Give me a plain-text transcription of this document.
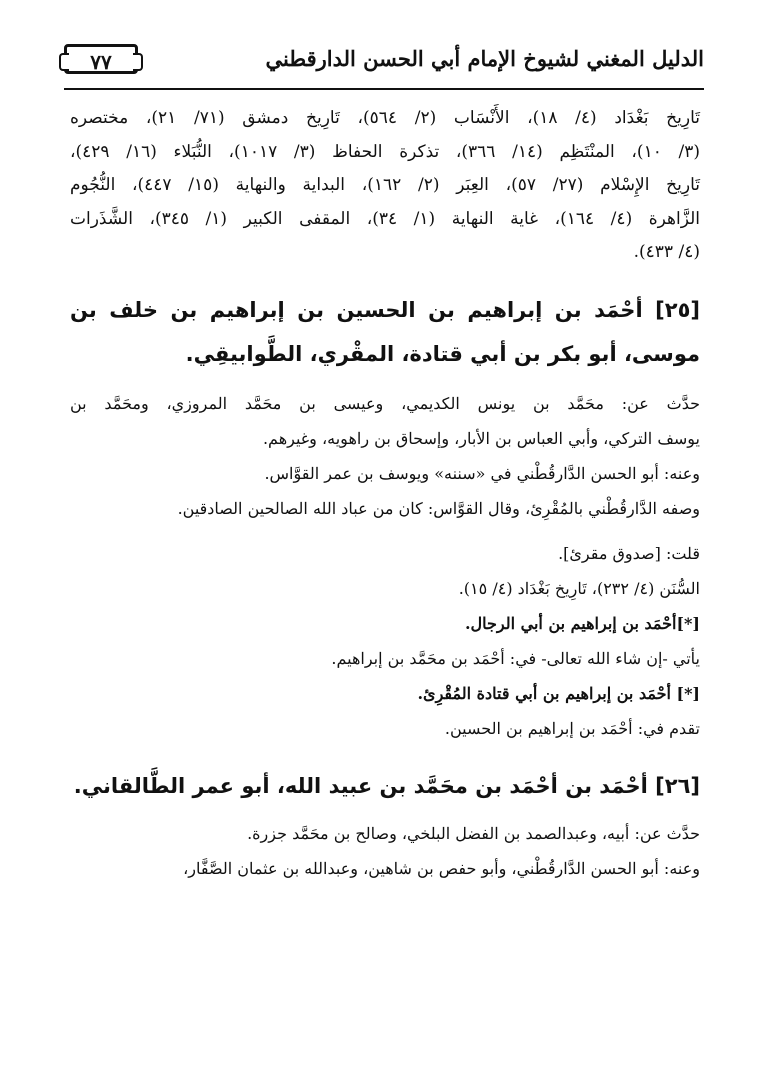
الدليل المغني لشيوخ الإمام أبي الحسن الدارقطني
٧٧

تَارِيخ بَغْدَاد (٤/ ١٨)، الأَنْسَاب (٢/ ٥٦٤)، تَارِيخ دمشق (٧١/ ٢١)، مختصره

(٣/ ١٠)، المنْتَظِم (١٤/ ٣٦٦)، تذكرة الحفاظ (٣/ ١٠١٧)، النُّبَلاء (١٦/ ٤٢٩)،

تَارِيخ الإِسْلام (٢٧/ ٥٧)، العِبَر (٢/ ١٦٢)، البداية والنهاية (١٥/ ٤٤٧)، النُّجُوم

الزَّاهرة (٤/ ١٦٤)، غاية النهاية (١/ ٣٤)، المقفى الكبير (١/ ٣٤٥)، الشَّذَرات

(٤/ ٤٣٣).

[٢٥] أحْمَد بن إبراهيم بن الحسين بن إبراهيم بن خلف بن
موسى، أبو بكر بن أبي قتادة، المقْري، الطَّوابيقِي.

حدَّث عن: محَمَّد بن يونس الكديمي، وعيسى بن محَمَّد المروزي، ومحَمَّد بن

يوسف التركي، وأبي العباس بن الأبار، وإسحاق بن راهويه، وغيرهم.

وعنه: أبو الحسن الدَّارقُطْني في «سننه» ويوسف بن عمر القوَّاس.

وصفه الدَّارقُطْني بالمُقْرِئ، وقال القوَّاس: كان من عباد الله الصالحين الصادقين.

قلت: [صدوق مقرئ].

السُّنَن (٤/ ٢٣٢)، تَارِيخ بَغْدَاد (٤/ ١٥).

[*]أحْمَد بن إبراهيم بن أبي الرجال.

يأتي -إن شاء الله تعالى- في: أحْمَد بن محَمَّد بن إبراهيم.

[*] أحْمَد بن إبراهيم بن أبي قتادة المُقْرِئ.

تقدم في: أحْمَد بن إبراهيم بن الحسين.

[٢٦] أحْمَد بن أحْمَد بن محَمَّد بن عبيد الله، أبو عمر الطَّالقاني.

حدَّث عن: أبيه، وعبدالصمد بن الفضل البلخي، وصالح بن محَمَّد جزرة.

وعنه: أبو الحسن الدَّارقُطْني، وأبو حفص بن شاهين، وعبدالله بن عثمان الصَّفَّار،
